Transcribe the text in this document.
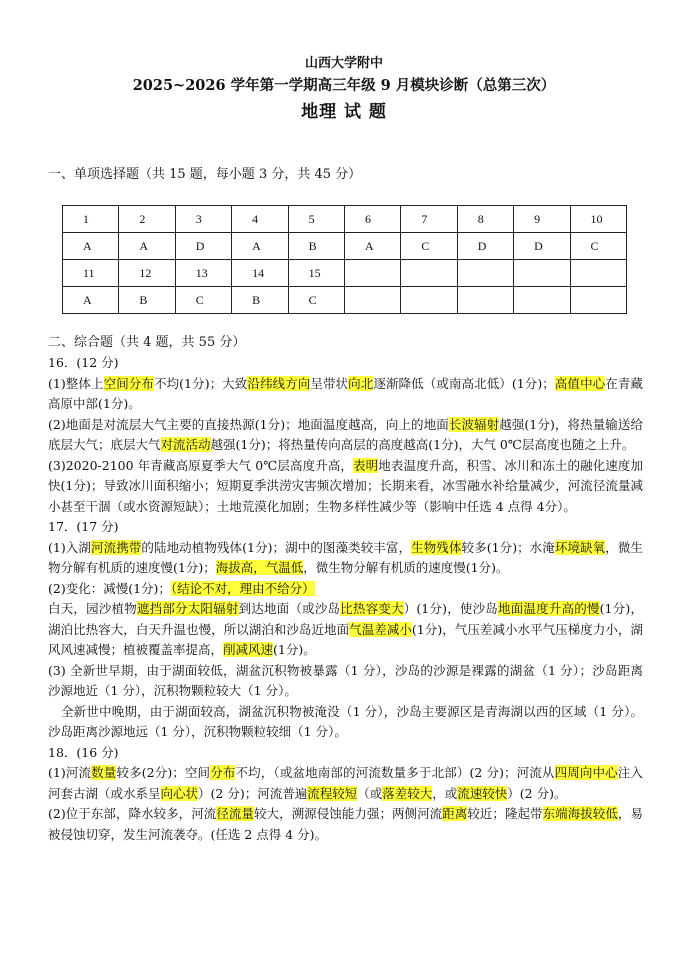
山西大学附中
2025~2026 学年第一学期高三年级 9 月模块诊断（总第三次）
地理 试 题
一、单项选择题（共 15 题，每小题 3 分，共 45 分）
1	2	3	4	5	6	7	8	9	10
A	A	D	A	B	A	C	D	D	C
11	12	13	14	15					
A	B	C	B	C					
二、综合题（共 4 题，共 55 分）

16．(12 分)

(1)整体上空间分布不均(1分)；大致沿纬线方向呈带状向北逐渐降低（或南高北低）(1分)；高值中心在青藏高原中部(1分)。

(2)地面是对流层大气主要的直接热源(1分)；地面温度越高，向上的地面长波辐射越强(1分)，将热量输送给底层大气；底层大气对流活动越强(1分)；将热量传向高层的高度越高(1分)，大气 0℃层高度也随之上升。

(3)2020-2100 年青藏高原夏季大气 0℃层高度升高，表明地表温度升高，积雪、冰川和冻土的融化速度加快(1分)；导致冰川面积缩小；短期夏季洪涝灾害频次增加；长期来看，冰雪融水补给量减少，河流径流量减小甚至干涸（或水资源短缺）；土地荒漠化加剧；生物多样性减少等（影响中任选 4 点得 4分）。

17．(17 分)

(1)入湖河流携带的陆地动植物残体(1分)；湖中的图藻类较丰富，生物残体较多(1分)；水淹环境缺氧，微生物分解有机质的速度慢(1分)；海拔高，气温低，微生物分解有机质的速度慢(1分)。

(2)变化：减慢(1分)；（结论不对，理由不给分）

白天，园沙植物遮挡部分太阳辐射到达地面（或沙岛比热容变大）(1分)，使沙岛地面温度升高的慢(1分)，湖泊比热容大，白天升温也慢，所以湖泊和沙岛近地面气温差减小(1分)，气压差减小水平气压梯度力小，湖风风速减慢；植被覆盖率提高，削减风速(1分)。

(3) 全新世早期，由于湖面较低，湖盆沉积物被暴露（1 分），沙岛的沙源是裸露的湖盆（1 分）；沙岛距离沙源地近（1 分），沉积物颗粒较大（1 分）。

全新世中晚期，由于湖面较高，湖盆沉积物被淹没（1 分），沙岛主要源区是青海湖以西的区域（1 分）。沙岛距离沙源地远（1 分），沉积物颗粒较细（1 分）。

18．(16 分)

(1)河流数量较多(2分)；空间分布不均，（或盆地南部的河流数量多于北部）(2 分)；河流从四周向中心注入河套古湖（或水系呈向心状）(2 分)；河流普遍流程较短（或落差较大，或流速较快）(2 分)。

(2)位于东部，降水较多，河流径流量较大，溯源侵蚀能力强；两侧河流距离较近；隆起带东端海拔较低，易被侵蚀切穿，发生河流袭夺。(任选 2 点得 4 分)。
